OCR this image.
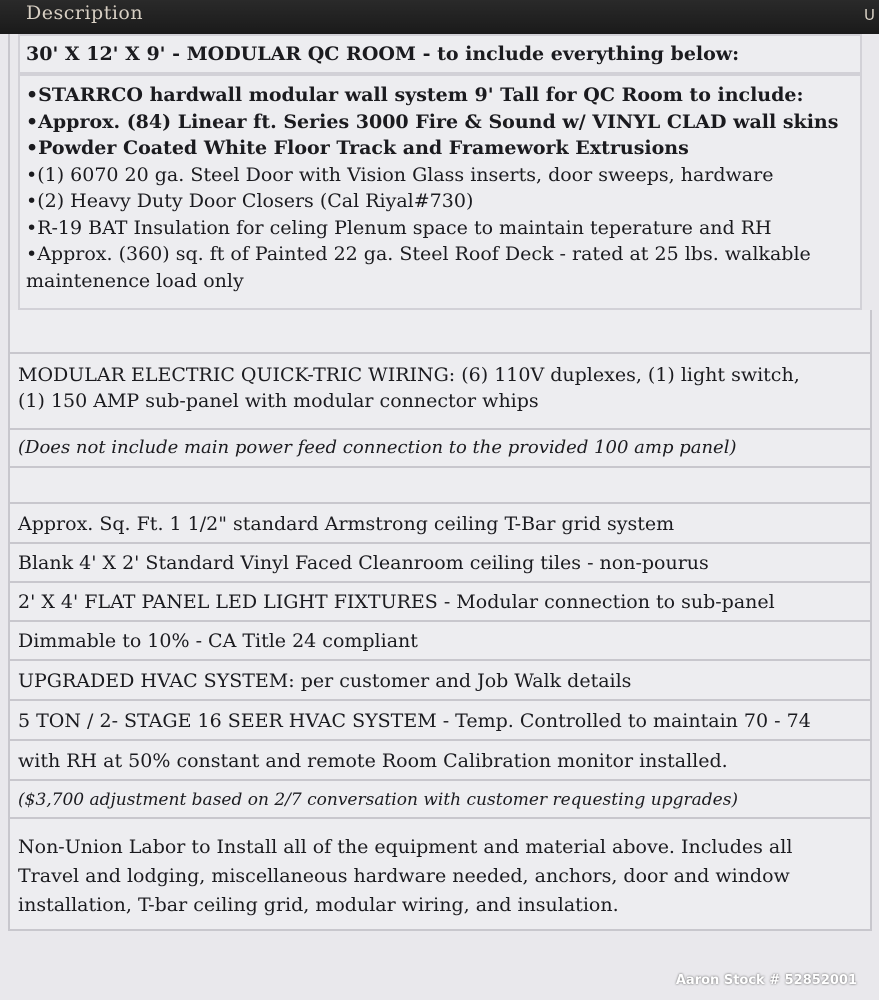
Description	U
30' X 12' X 9' - MODULAR QC ROOM - to include everything below:
•STARRCO hardwall modular wall system 9' Tall for QC Room to include:
•Approx. (84) Linear ft. Series 3000 Fire & Sound w/ VINYL CLAD wall skins
•Powder Coated White Floor Track and Framework Extrusions
•(1) 6070 20 ga. Steel Door with Vision Glass inserts, door sweeps, hardware
•(2) Heavy Duty Door Closers (Cal Riyal#730)
•R-19 BAT Insulation for celing Plenum space to maintain teperature and RH
•Approx. (360) sq. ft of Painted 22 ga. Steel Roof Deck - rated at 25 lbs. walkable
maintenence load only
MODULAR ELECTRIC QUICK-TRIC WIRING: (6) 110V duplexes, (1) light switch,
(1) 150 AMP sub-panel with modular connector whips
(Does not include main power feed connection to the provided 100 amp panel)
Approx. Sq. Ft. 1 1/2" standard Armstrong ceiling T-Bar grid system
Blank 4' X 2' Standard Vinyl Faced Cleanroom ceiling tiles - non-pourus
2' X 4' FLAT PANEL LED LIGHT FIXTURES - Modular connection to sub-panel
Dimmable to 10% - CA Title 24 compliant
UPGRADED HVAC SYSTEM: per customer and Job Walk details
5 TON / 2- STAGE 16 SEER HVAC SYSTEM - Temp. Controlled to maintain 70 - 74
with RH at 50% constant and remote Room Calibration monitor installed.
($3,700 adjustment based on 2/7 conversation with customer requesting upgrades)
Non-Union Labor to Install all of the equipment and material above. Includes all
Travel and lodging, miscellaneous hardware needed, anchors, door and window
installation, T-bar ceiling grid, modular wiring, and insulation.
Aaron Stock # 52852001
